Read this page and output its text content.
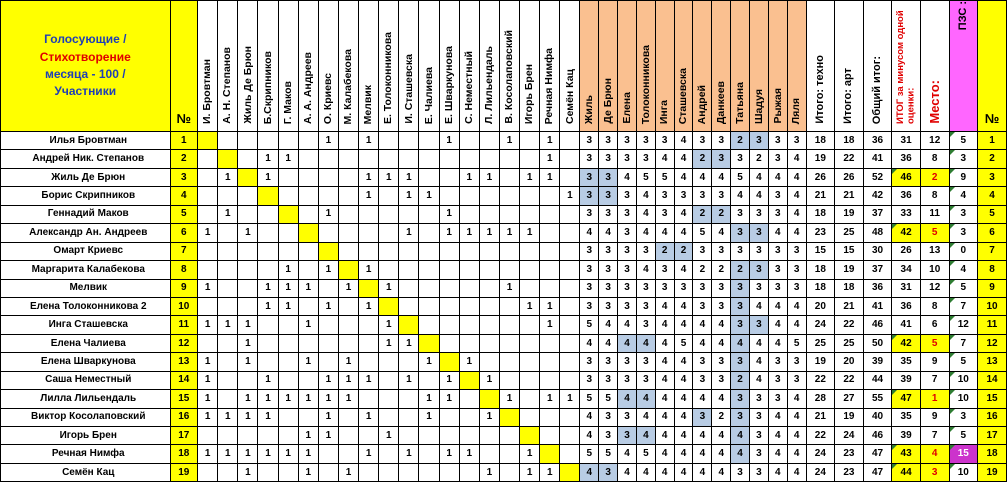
Голосующие /
Стихотворение
месяца - 100 /
Участники	№	И. Бровтман	А. Н. Степанов	Жиль Де Брюн	Б.Скрипников	Г. Маков	А. А. Андреев	О. Криевс	М. Калабекова	Мелвик	Е. Толоконникова	И. Сташевска	Е. Чалиева	Е. Шваркунова	С. Неместный	Л. Лильендаль	В. Косолаповский	Игорь Брен	Речная Нимфа	Семён Кац	Жиль	Де Брюн	Елена	Толоконникова	Инга	Сташевска	Андрей	Данкеев	Татьяна	Шадуя	Рыжая	Ляля	Итого: техно	Итого: арт	Общий итог:	ИТОГ за минусом одной оценки:	Место:	ПЗС :	№

Илья Бровтман	1							1		1				1			1		1		3	3	3	3	3	4	3	3	2	3	3	3	18	18	36	31	12	5	1
Андрей Ник. Степанов	2				1	1													1		3	3	3	3	4	4	2	3	3	2	3	4	19	22	41	36	8	3	2
Жиль Де Брюн	3		1		1					1	1	1			1	1		1	1		3	3	4	5	5	4	4	4	5	4	4	4	26	26	52	46	2	9	3
Борис Скрипников	4									1		1	1							1	3	3	3	4	3	3	3	3	4	4	3	4	21	21	42	36	8	4	4
Геннадий Маков	5		1					1						1							3	3	3	4	3	4	2	2	3	3	3	4	18	19	37	33	11	3	5
Александр Ан. Андреев	6	1		1								1		1	1	1	1	1			4	4	3	4	4	4	5	4	3	3	4	4	23	25	48	42	5	3	6
Омарт Криевс	7																				3	3	3	3	2	2	3	3	3	3	3	3	15	15	30	26	13	0	7
Маргарита Калабекова	8					1		1		1											3	3	3	4	3	4	2	2	2	3	3	3	18	19	37	34	10	4	8
Мелвик	9	1			1	1	1		1		1						1				3	3	3	3	3	3	3	3	3	3	3	3	18	18	36	31	12	5	9
Елена Толоконникова 2	10				1	1		1		1								1	1		3	3	3	3	4	4	3	3	3	4	4	4	20	21	41	36	8	7	10
Инга Сташевска	11	1	1	1			1				1								1		5	4	4	3	4	4	4	4	3	3	4	4	24	22	46	41	6	12	11
Елена Чалиева	12			1							1	1									4	4	4	4	4	5	4	4	4	4	4	5	25	25	50	42	5	7	12
Елена Шваркунова	13	1		1			1		1				1		1						3	3	3	3	4	4	3	3	3	4	3	3	19	20	39	35	9	5	13
Саша Неместный	14	1			1			1	1	1		1		1		1					3	3	3	3	4	4	3	3	2	4	3	3	22	22	44	39	7	10	14
Лилла Лильендаль	15	1		1	1	1	1	1	1				1	1			1		1	1	5	5	4	4	4	4	4	4	3	3	3	4	28	27	55	47	1	10	15
Виктор Косолаповский	16	1	1	1	1			1		1			1			1					4	3	3	4	4	4	3	2	3	3	4	4	21	19	40	35	9	3	16
Игорь Брен	17						1	1			1										4	3	3	4	4	4	4	4	4	3	4	4	22	24	46	39	7	5	17
Речная Нимфа	18	1	1	1	1	1	1			1		1		1	1			1			5	5	4	5	4	4	4	4	4	3	4	4	24	23	47	43	4	15	18
Семён Кац	19			1			1		1							1		1	1		4	3	4	4	4	4	4	4	3	3	4	4	24	23	47	44	3	10	19
